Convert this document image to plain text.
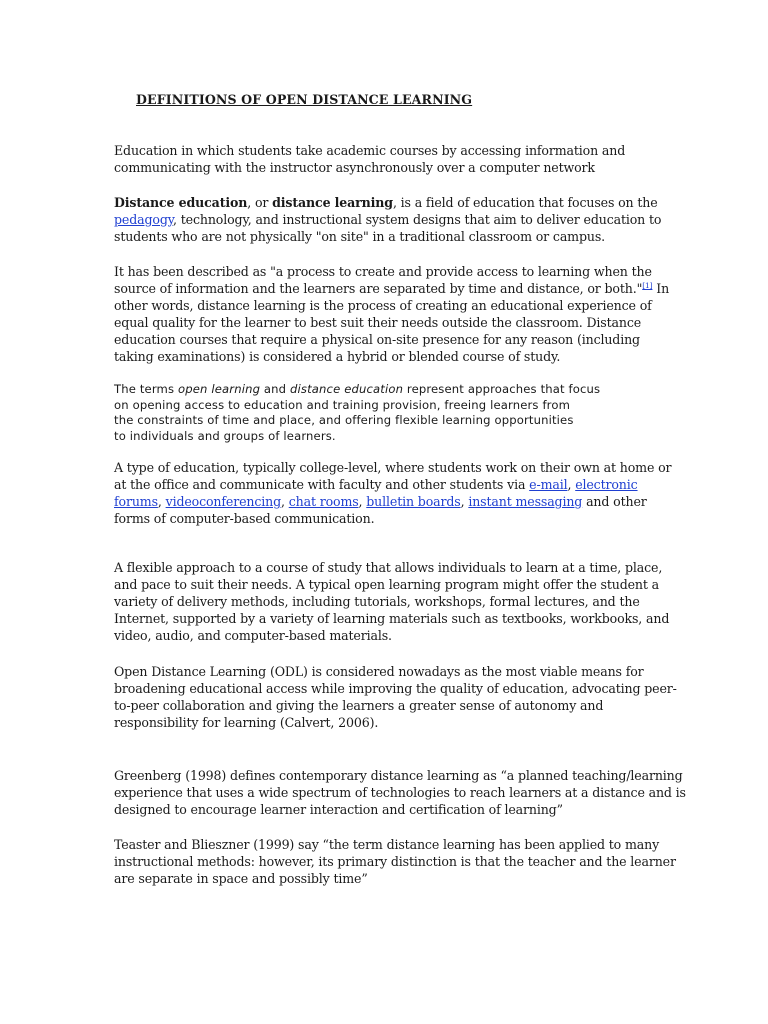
DEFINITIONS OF OPEN DISTANCE LEARNING
Education in which students take academic courses by accessing information and
communicating with the instructor asynchronously over a computer network
Distance education, or distance learning, is a field of education that focuses on the
pedagogy, technology, and instructional system designs that aim to deliver education to
students who are not physically "on site" in a traditional classroom or campus.
It has been described as "a process to create and provide access to learning when the
source of information and the learners are separated by time and distance, or both."[1] In
other words, distance learning is the process of creating an educational experience of
equal quality for the learner to best suit their needs outside the classroom. Distance
education courses that require a physical on-site presence for any reason (including
taking examinations) is considered a hybrid or blended course of study.
The terms open learning and distance education represent approaches that focus
on opening access to education and training provision, freeing learners from
the constraints of time and place, and offering flexible learning opportunities
to individuals and groups of learners.
A type of education, typically college-level, where students work on their own at home or
at the office and communicate with faculty and other students via e-mail, electronic
forums, videoconferencing, chat rooms, bulletin boards, instant messaging and other
forms of computer-based communication.
A flexible approach to a course of study that allows individuals to learn at a time, place,
and pace to suit their needs. A typical open learning program might offer the student a
variety of delivery methods, including tutorials, workshops, formal lectures, and the
Internet, supported by a variety of learning materials such as textbooks, workbooks, and
video, audio, and computer-based materials.
Open Distance Learning (ODL) is considered nowadays as the most viable means for
broadening educational access while improving the quality of education, advocating peer-
to-peer collaboration and giving the learners a greater sense of autonomy and
responsibility for learning (Calvert, 2006).
Greenberg (1998) defines contemporary distance learning as “a planned teaching/learning
experience that uses a wide spectrum of technologies to reach learners at a distance and is
designed to encourage learner interaction and certification of learning”
Teaster and Blieszner (1999) say “the term distance learning has been applied to many
instructional methods: however, its primary distinction is that the teacher and the learner
are separate in space and possibly time”
